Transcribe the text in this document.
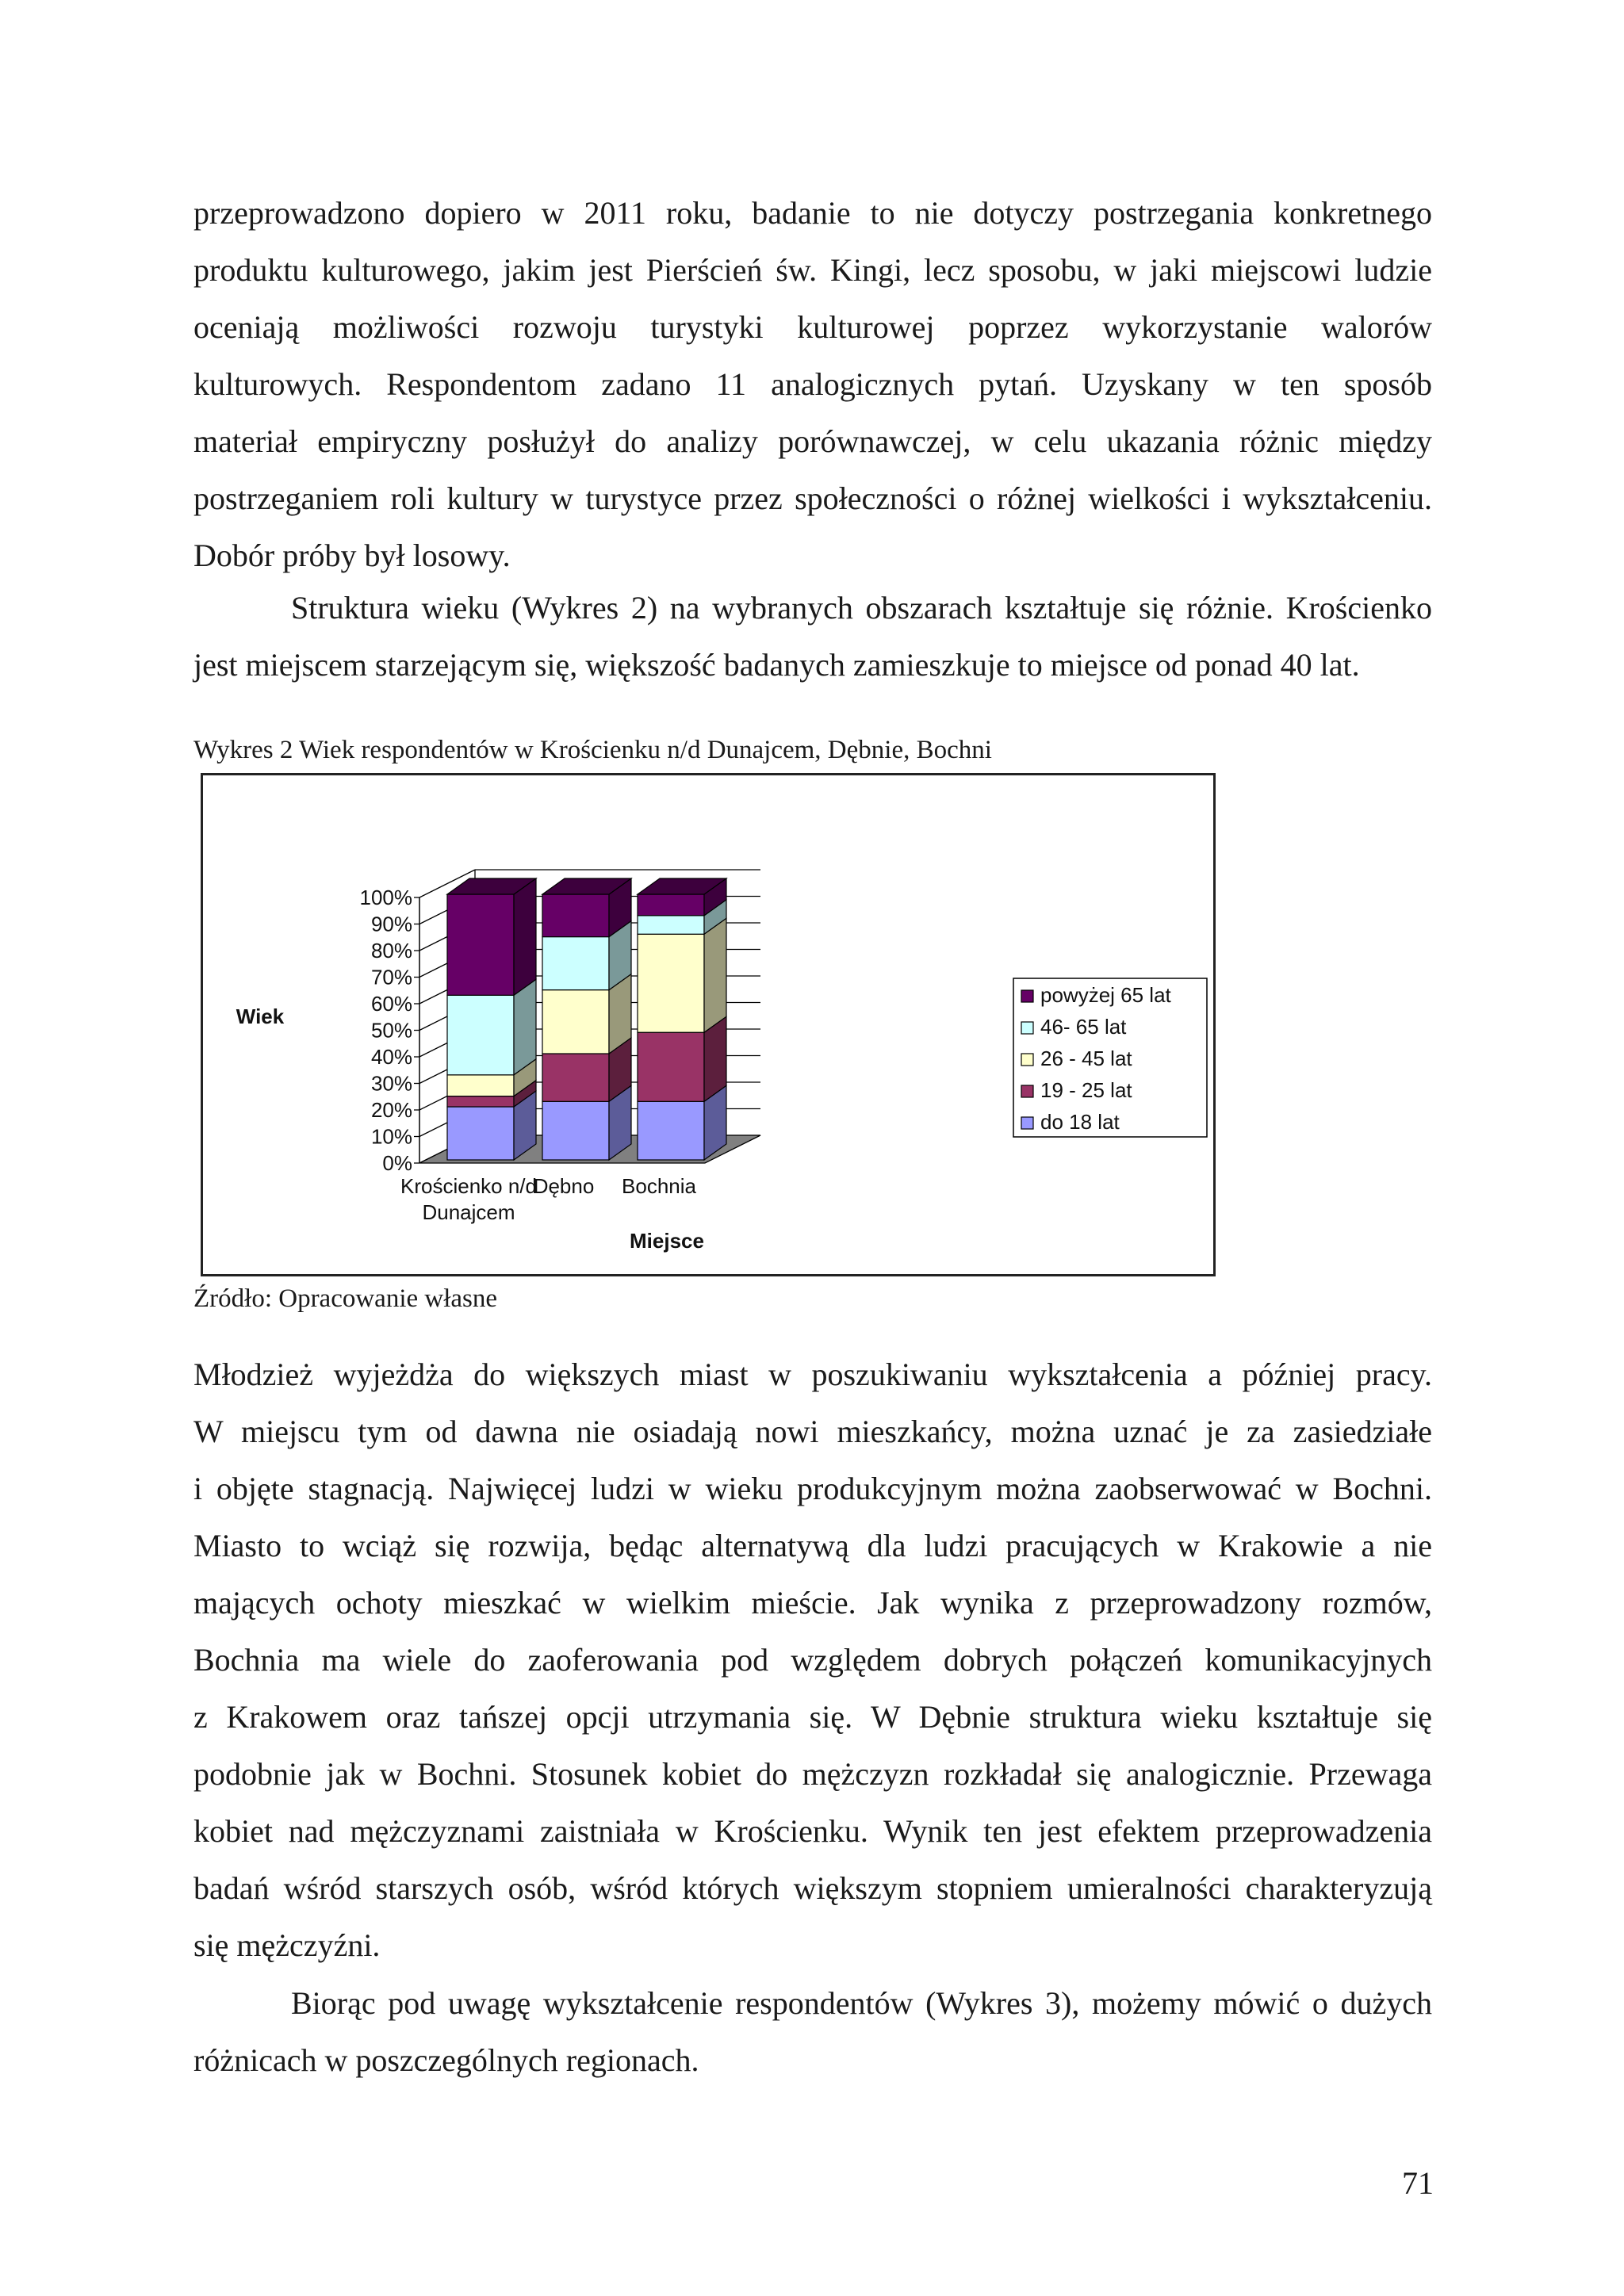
przeprowadzono dopiero w 2011 roku, badanie to nie dotyczy postrzegania konkretnego
produktu kulturowego, jakim jest Pierścień św. Kingi, lecz sposobu, w jaki miejscowi ludzie
oceniają możliwości rozwoju turystyki kulturowej poprzez wykorzystanie walorów
kulturowych. Respondentom zadano 11 analogicznych pytań. Uzyskany w ten sposób
materiał empiryczny posłużył do analizy porównawczej, w celu ukazania różnic między
postrzeganiem roli kultury w turystyce przez społeczności o różnej wielkości i wykształceniu.
Dobór próby był losowy.
Struktura wieku (Wykres 2) na wybranych obszarach kształtuje się różnie. Krościenko
jest miejscem starzejącym się, większość badanych zamieszkuje to miejsce od ponad 40 lat.
Wykres 2 Wiek respondentów w Krościenku n/d Dunajcem, Dębnie, Bochni
0%
10%
20%
30%
40%
50%
60%
70%
80%
90%
100%
Krościenko n/d
Dunajcem
Dębno Bochnia
Wiek
Miejsce
powyżej 65 lat
46- 65 lat
26 - 45 lat
19 - 25 lat
do 18 lat
Źródło: Opracowanie własne
Młodzież wyjeżdża do większych miast w poszukiwaniu wykształcenia a później pracy.
W miejscu tym od dawna nie osiadają nowi mieszkańcy, można uznać je za zasiedziałe
i objęte stagnacją. Najwięcej ludzi w wieku produkcyjnym można zaobserwować w Bochni.
Miasto to wciąż się rozwija, będąc alternatywą dla ludzi pracujących w Krakowie a nie
mających ochoty mieszkać w wielkim mieście. Jak wynika z przeprowadzony rozmów,
Bochnia ma wiele do zaoferowania pod względem dobrych połączeń komunikacyjnych
z Krakowem oraz tańszej opcji utrzymania się. W Dębnie struktura wieku kształtuje się
podobnie jak w Bochni. Stosunek kobiet do mężczyzn rozkładał się analogicznie. Przewaga
kobiet nad mężczyznami zaistniała w Krościenku. Wynik ten jest efektem przeprowadzenia
badań wśród starszych osób, wśród których większym stopniem umieralności charakteryzują
się mężczyźni.
Biorąc pod uwagę wykształcenie respondentów (Wykres 3), możemy mówić o dużych
różnicach w poszczególnych regionach.
71
